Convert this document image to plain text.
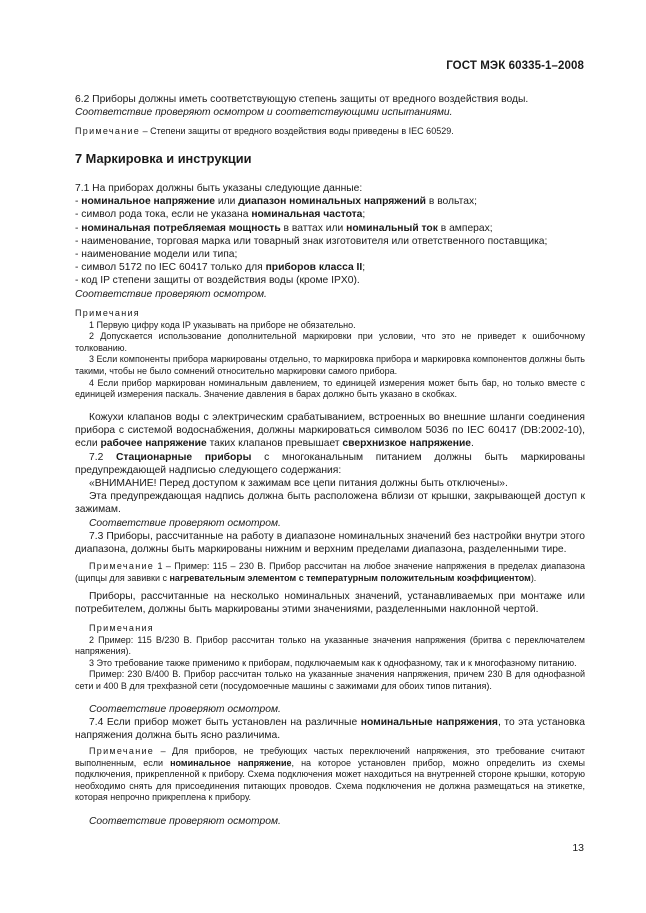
ГОСТ МЭК 60335-1–2008

6.2 Приборы должны иметь соответствующую степень защиты от вредного воздействия воды.

Соответствие проверяют осмотром и соответствующими испытаниями.

Примечание – Степени защиты от вредного воздействия воды приведены в IEC 60529.

7 Маркировка и инструкции

7.1 На приборах должны быть указаны следующие данные:

- номинальное напряжение или диапазон номинальных напряжений в вольтах;

- символ рода тока, если не указана номинальная частота;

- номинальная потребляемая мощность в ваттах или номинальный ток в амперах;

- наименование, торговая марка или товарный знак изготовителя или ответственного поставщика;

- наименование модели или типа;

- символ 5172 по IEC 60417 только для приборов класса II;

- код IP степени защиты от воздействия воды (кроме IPX0).

Соответствие проверяют осмотром.

Примечания

1 Первую цифру кода IP указывать на приборе не обязательно.

2 Допускается использование дополнительной маркировки при условии, что это не приведет к ошибочному толкованию.

3 Если компоненты прибора маркированы отдельно, то маркировка прибора и маркировка компонентов должны быть такими, чтобы не было сомнений относительно маркировки самого прибора.

4 Если прибор маркирован номинальным давлением, то единицей измерения может быть бар, но только вместе с единицей измерения паскаль. Значение давления в барах должно быть указано в скобках.

Кожухи клапанов воды с электрическим срабатыванием, встроенных во внешние шланги соединения прибора с системой водоснабжения, должны маркироваться символом 5036 по IEC 60417 (DB:2002-10), если рабочее напряжение таких клапанов превышает сверхнизкое напряжение.

7.2 Стационарные приборы с многоканальным питанием должны быть маркированы предупреждающей надписью следующего содержания:

«ВНИМАНИЕ! Перед доступом к зажимам все цепи питания должны быть отключены».

Эта предупреждающая надпись должна быть расположена вблизи от крышки, закрывающей доступ к зажимам.

Соответствие проверяют осмотром.

7.3 Приборы, рассчитанные на работу в диапазоне номинальных значений без настройки внутри этого диапазона, должны быть маркированы нижним и верхним пределами диапазона, разделенными тире.

Примечание 1 – Пример: 115 – 230 В. Прибор рассчитан на любое значение напряжения в пределах диапазона (щипцы для завивки с нагревательным элементом с температурным положительным коэффициентом).

Приборы, рассчитанные на несколько номинальных значений, устанавливаемых при монтаже или потребителем, должны быть маркированы этими значениями, разделенными наклонной чертой.

Примечания

2 Пример: 115 В/230 В. Прибор рассчитан только на указанные значения напряжения (бритва с переключателем напряжения).

3 Это требование также применимо к приборам, подключаемым как к однофазному, так и к многофазному питанию.

Пример: 230 В/400 В. Прибор рассчитан только на указанные значения напряжения, причем 230 В для однофазной сети и 400 В для трехфазной сети (посудомоечные машины с зажимами для обоих типов питания).

Соответствие проверяют осмотром.

7.4 Если прибор может быть установлен на различные номинальные напряжения, то эта установка напряжения должна быть ясно различима.

Примечание – Для приборов, не требующих частых переключений напряжения, это требование считают выполненным, если номинальное напряжение, на которое установлен прибор, можно определить из схемы подключения, прикрепленной к прибору. Схема подключения может находиться на внутренней стороне крышки, которую необходимо снять для присоединения питающих проводов. Схема подключения не должна размещаться на этикетке, которая непрочно прикреплена к прибору.

Соответствие проверяют осмотром.

13
